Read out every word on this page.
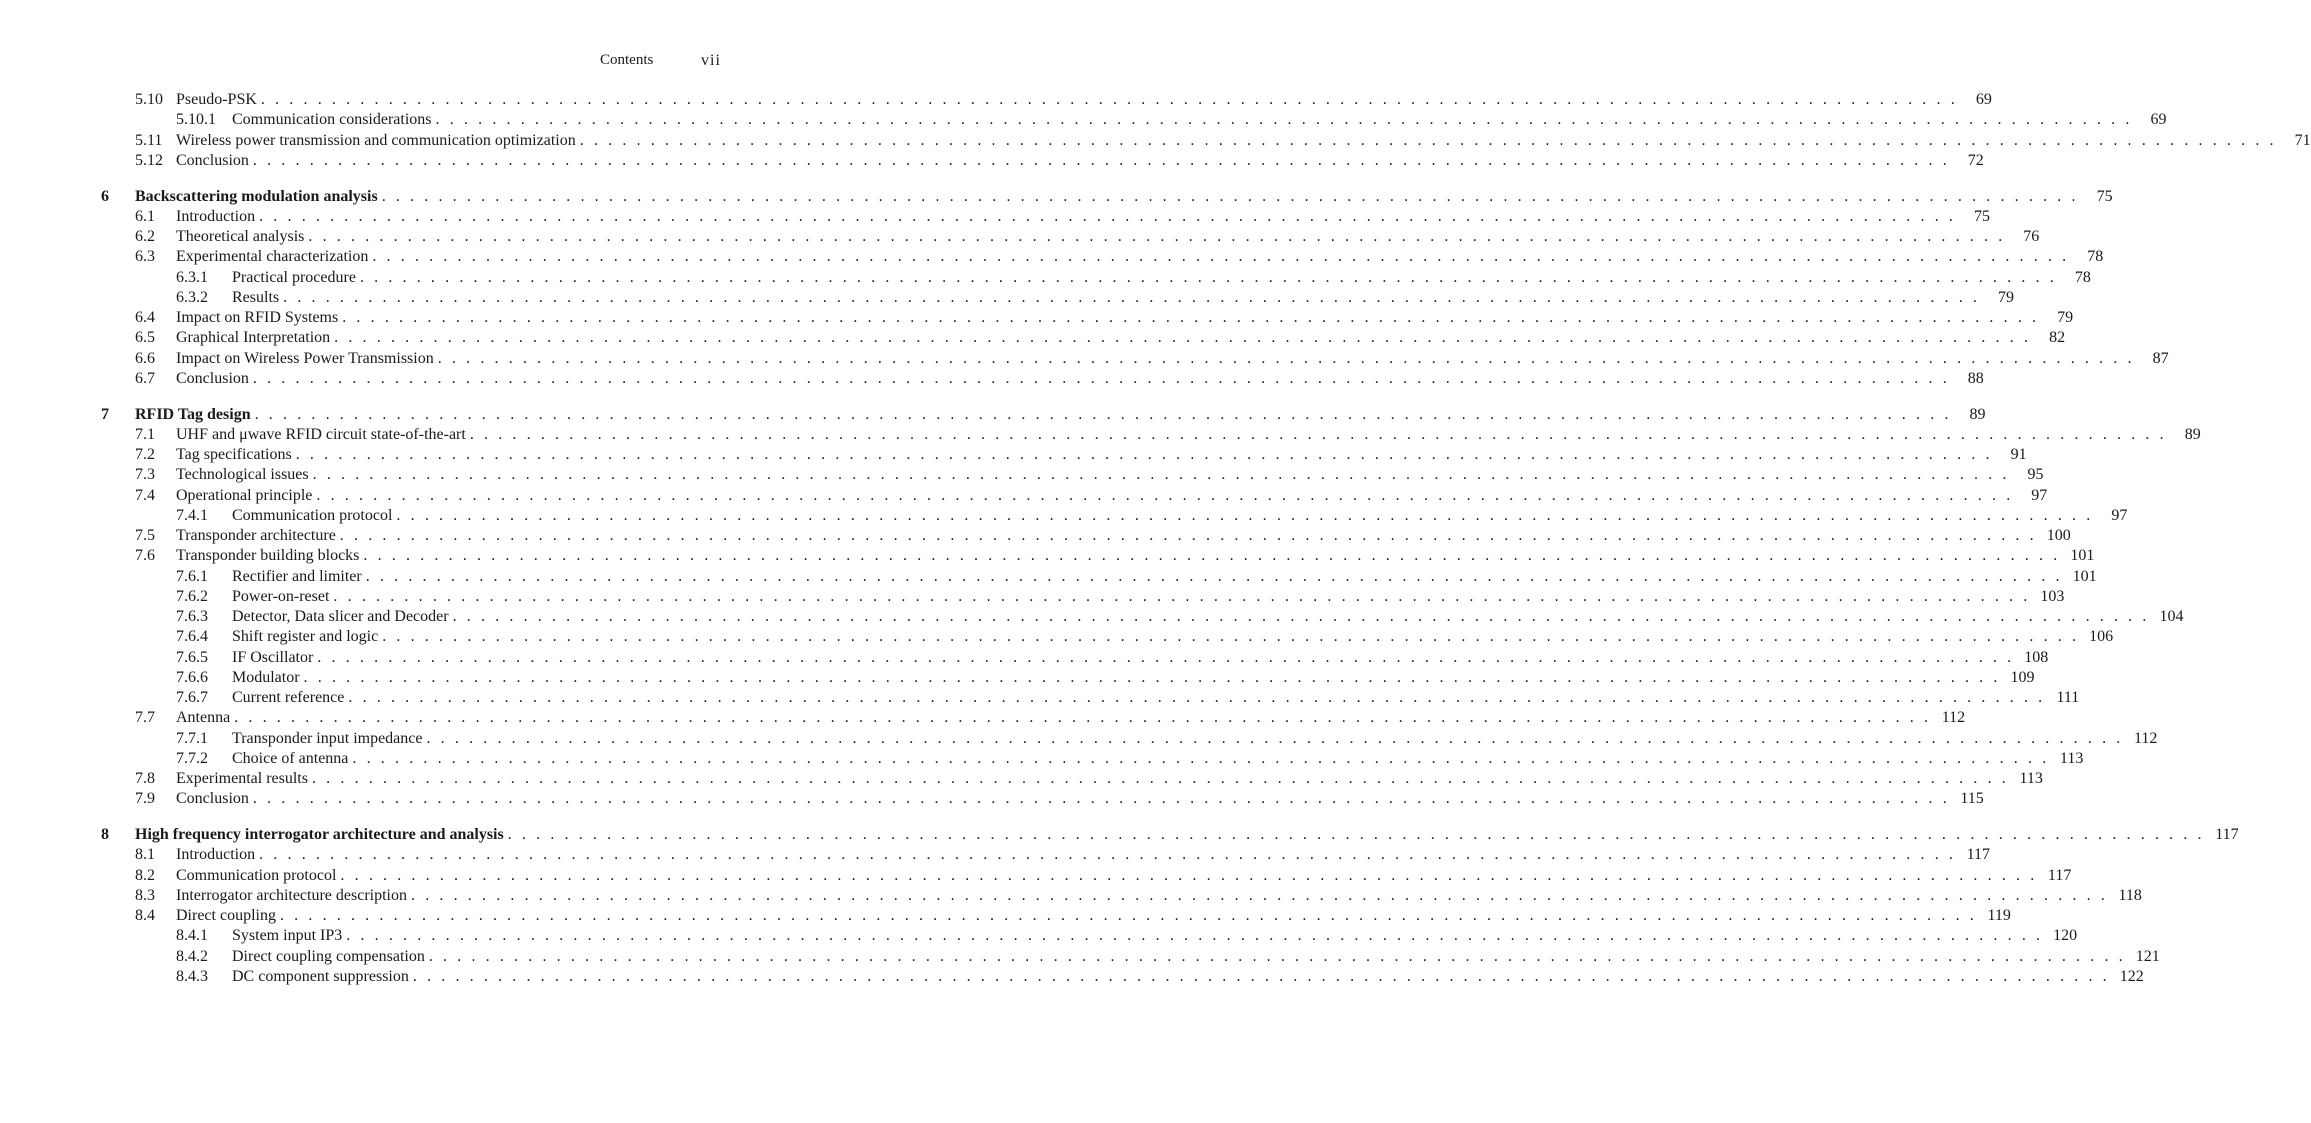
Contents	vii
5.10 Pseudo-PSK . . . . . . . . . . . . . . . . . . . . . . . . . . . . . . . . . . . . . . . . . . . . . . . . . . . . . . . . . . . . . . . . . . . . . . . . . . . . . . . . . . . . . . . . . . . . . . . . . . . . . . . . . . . . . . . . . . . . . . . .	69
5.10.1 Communication considerations . . . . . . . . . . . . . . . . . . . . . . . . . . . . . . . . . . . . . . . . . . . . . . . . . . . . . . . . . . . . . . . . . . . . . . . . . . . . . . . . . . . . . . . . . . . . . . . . . . . . . . . . . . . . . . . . . . . . . . . .	69
5.11 Wireless power transmission and communication optimization . . . . . . . . . . . . . . . . . . . . . . . . . . . . . . . . . . . . . . . . . . . . . . . . . . . . . . . . . . . . . . . . . . . . . . . . . . . . . . . . . . . . . . . . . . . . . . . . . . . . . . . . . . . . . . . . . . . . . . . .	71
5.12 Conclusion . . . . . . . . . . . . . . . . . . . . . . . . . . . . . . . . . . . . . . . . . . . . . . . . . . . . . . . . . . . . . . . . . . . . . . . . . . . . . . . . . . . . . . . . . . . . . . . . . . . . . . . . . . . . . . . . . . . . . . . .	72
6 Backscattering modulation analysis . . . . . . . . . . . . . . . . . . . . . . . . . . . . . . . . . . . . . . . . . . . . . . . . . . . . . . . . . . . . . . . . . . . . . . . . . . . . . . . . . . . . . . . . . . . . . . . . . . . . . . . . . . . . . . . . . . . . . . . .	75
6.1 Introduction . . . . . . . . . . . . . . . . . . . . . . . . . . . . . . . . . . . . . . . . . . . . . . . . . . . . . . . . . . . . . . . . . . . . . . . . . . . . . . . . . . . . . . . . . . . . . . . . . . . . . . . . . . . . . . . . . . . . . . . .	75
6.2 Theoretical analysis . . . . . . . . . . . . . . . . . . . . . . . . . . . . . . . . . . . . . . . . . . . . . . . . . . . . . . . . . . . . . . . . . . . . . . . . . . . . . . . . . . . . . . . . . . . . . . . . . . . . . . . . . . . . . . . . . . . . . . . .	76
6.3 Experimental characterization . . . . . . . . . . . . . . . . . . . . . . . . . . . . . . . . . . . . . . . . . . . . . . . . . . . . . . . . . . . . . . . . . . . . . . . . . . . . . . . . . . . . . . . . . . . . . . . . . . . . . . . . . . . . . . . . . . . . . . . .	78
6.3.1 Practical procedure . . . . . . . . . . . . . . . . . . . . . . . . . . . . . . . . . . . . . . . . . . . . . . . . . . . . . . . . . . . . . . . . . . . . . . . . . . . . . . . . . . . . . . . . . . . . . . . . . . . . . . . . . . . . . . . . . . . . . . . .	78
6.3.2 Results . . . . . . . . . . . . . . . . . . . . . . . . . . . . . . . . . . . . . . . . . . . . . . . . . . . . . . . . . . . . . . . . . . . . . . . . . . . . . . . . . . . . . . . . . . . . . . . . . . . . . . . . . . . . . . . . . . . . . . . .	79
6.4 Impact on RFID Systems . . . . . . . . . . . . . . . . . . . . . . . . . . . . . . . . . . . . . . . . . . . . . . . . . . . . . . . . . . . . . . . . . . . . . . . . . . . . . . . . . . . . . . . . . . . . . . . . . . . . . . . . . . . . . . . . . . . . . . . .	79
6.5 Graphical Interpretation . . . . . . . . . . . . . . . . . . . . . . . . . . . . . . . . . . . . . . . . . . . . . . . . . . . . . . . . . . . . . . . . . . . . . . . . . . . . . . . . . . . . . . . . . . . . . . . . . . . . . . . . . . . . . . . . . . . . . . . .	82
6.6 Impact on Wireless Power Transmission . . . . . . . . . . . . . . . . . . . . . . . . . . . . . . . . . . . . . . . . . . . . . . . . . . . . . . . . . . . . . . . . . . . . . . . . . . . . . . . . . . . . . . . . . . . . . . . . . . . . . . . . . . . . . . . . . . . . . . . .	87
6.7 Conclusion . . . . . . . . . . . . . . . . . . . . . . . . . . . . . . . . . . . . . . . . . . . . . . . . . . . . . . . . . . . . . . . . . . . . . . . . . . . . . . . . . . . . . . . . . . . . . . . . . . . . . . . . . . . . . . . . . . . . . . . .	88
7 RFID Tag design . . . . . . . . . . . . . . . . . . . . . . . . . . . . . . . . . . . . . . . . . . . . . . . . . . . . . . . . . . . . . . . . . . . . . . . . . . . . . . . . . . . . . . . . . . . . . . . . . . . . . . . . . . . . . . . . . . . . . . . .	89
7.1 UHF and μwave RFID circuit state-of-the-art . . . . . . . . . . . . . . . . . . . . . . . . . . . . . . . . . . . . . . . . . . . . . . . . . . . . . . . . . . . . . . . . . . . . . . . . . . . . . . . . . . . . . . . . . . . . . . . . . . . . . . . . . . . . . . . . . . . . . . . .	89
7.2 Tag specifications . . . . . . . . . . . . . . . . . . . . . . . . . . . . . . . . . . . . . . . . . . . . . . . . . . . . . . . . . . . . . . . . . . . . . . . . . . . . . . . . . . . . . . . . . . . . . . . . . . . . . . . . . . . . . . . . . . . . . . . .	91
7.3 Technological issues . . . . . . . . . . . . . . . . . . . . . . . . . . . . . . . . . . . . . . . . . . . . . . . . . . . . . . . . . . . . . . . . . . . . . . . . . . . . . . . . . . . . . . . . . . . . . . . . . . . . . . . . . . . . . . . . . . . . . . . .	95
7.4 Operational principle . . . . . . . . . . . . . . . . . . . . . . . . . . . . . . . . . . . . . . . . . . . . . . . . . . . . . . . . . . . . . . . . . . . . . . . . . . . . . . . . . . . . . . . . . . . . . . . . . . . . . . . . . . . . . . . . . . . . . . . .	97
7.4.1 Communication protocol . . . . . . . . . . . . . . . . . . . . . . . . . . . . . . . . . . . . . . . . . . . . . . . . . . . . . . . . . . . . . . . . . . . . . . . . . . . . . . . . . . . . . . . . . . . . . . . . . . . . . . . . . . . . . . . . . . . . . . . .	97
7.5 Transponder architecture . . . . . . . . . . . . . . . . . . . . . . . . . . . . . . . . . . . . . . . . . . . . . . . . . . . . . . . . . . . . . . . . . . . . . . . . . . . . . . . . . . . . . . . . . . . . . . . . . . . . . . . . . . . . . . . . . . . . . . . . 100
7.6 Transponder building blocks . . . . . . . . . . . . . . . . . . . . . . . . . . . . . . . . . . . . . . . . . . . . . . . . . . . . . . . . . . . . . . . . . . . . . . . . . . . . . . . . . . . . . . . . . . . . . . . . . . . . . . . . . . . . . . . . . . . . . . . . 101
7.6.1 Rectifier and limiter . . . . . . . . . . . . . . . . . . . . . . . . . . . . . . . . . . . . . . . . . . . . . . . . . . . . . . . . . . . . . . . . . . . . . . . . . . . . . . . . . . . . . . . . . . . . . . . . . . . . . . . . . . . . . . . . . . . . . . . . 101
7.6.2 Power-on-reset . . . . . . . . . . . . . . . . . . . . . . . . . . . . . . . . . . . . . . . . . . . . . . . . . . . . . . . . . . . . . . . . . . . . . . . . . . . . . . . . . . . . . . . . . . . . . . . . . . . . . . . . . . . . . . . . . . . . . . . . 103
7.6.3 Detector, Data slicer and Decoder . . . . . . . . . . . . . . . . . . . . . . . . . . . . . . . . . . . . . . . . . . . . . . . . . . . . . . . . . . . . . . . . . . . . . . . . . . . . . . . . . . . . . . . . . . . . . . . . . . . . . . . . . . . . . . . . . . . . . . . . 104
7.6.4 Shift register and logic . . . . . . . . . . . . . . . . . . . . . . . . . . . . . . . . . . . . . . . . . . . . . . . . . . . . . . . . . . . . . . . . . . . . . . . . . . . . . . . . . . . . . . . . . . . . . . . . . . . . . . . . . . . . . . . . . . . . . . . . 106
7.6.5 IF Oscillator . . . . . . . . . . . . . . . . . . . . . . . . . . . . . . . . . . . . . . . . . . . . . . . . . . . . . . . . . . . . . . . . . . . . . . . . . . . . . . . . . . . . . . . . . . . . . . . . . . . . . . . . . . . . . . . . . . . . . . . . 108
7.6.6 Modulator . . . . . . . . . . . . . . . . . . . . . . . . . . . . . . . . . . . . . . . . . . . . . . . . . . . . . . . . . . . . . . . . . . . . . . . . . . . . . . . . . . . . . . . . . . . . . . . . . . . . . . . . . . . . . . . . . . . . . . . . 109
7.6.7 Current reference . . . . . . . . . . . . . . . . . . . . . . . . . . . . . . . . . . . . . . . . . . . . . . . . . . . . . . . . . . . . . . . . . . . . . . . . . . . . . . . . . . . . . . . . . . . . . . . . . . . . . . . . . . . . . . . . . . . . . . . . 111
7.7 Antenna . . . . . . . . . . . . . . . . . . . . . . . . . . . . . . . . . . . . . . . . . . . . . . . . . . . . . . . . . . . . . . . . . . . . . . . . . . . . . . . . . . . . . . . . . . . . . . . . . . . . . . . . . . . . . . . . . . . . . . . . 112
7.7.1 Transponder input impedance . . . . . . . . . . . . . . . . . . . . . . . . . . . . . . . . . . . . . . . . . . . . . . . . . . . . . . . . . . . . . . . . . . . . . . . . . . . . . . . . . . . . . . . . . . . . . . . . . . . . . . . . . . . . . . . . . . . . . . . . 112
7.7.2 Choice of antenna . . . . . . . . . . . . . . . . . . . . . . . . . . . . . . . . . . . . . . . . . . . . . . . . . . . . . . . . . . . . . . . . . . . . . . . . . . . . . . . . . . . . . . . . . . . . . . . . . . . . . . . . . . . . . . . . . . . . . . . . 113
7.8 Experimental results . . . . . . . . . . . . . . . . . . . . . . . . . . . . . . . . . . . . . . . . . . . . . . . . . . . . . . . . . . . . . . . . . . . . . . . . . . . . . . . . . . . . . . . . . . . . . . . . . . . . . . . . . . . . . . . . . . . . . . . . 113
7.9 Conclusion . . . . . . . . . . . . . . . . . . . . . . . . . . . . . . . . . . . . . . . . . . . . . . . . . . . . . . . . . . . . . . . . . . . . . . . . . . . . . . . . . . . . . . . . . . . . . . . . . . . . . . . . . . . . . . . . . . . . . . . . 115
8 High frequency interrogator architecture and analysis . . . . . . . . . . . . . . . . . . . . . . . . . . . . . . . . . . . . . . . . . . . . . . . . . . . . . . . . . . . . . . . . . . . . . . . . . . . . . . . . . . . . . . . . . . . . . . . . . . . . . . . . . . . . . . . . . . . . . . . . 117
8.1 Introduction . . . . . . . . . . . . . . . . . . . . . . . . . . . . . . . . . . . . . . . . . . . . . . . . . . . . . . . . . . . . . . . . . . . . . . . . . . . . . . . . . . . . . . . . . . . . . . . . . . . . . . . . . . . . . . . . . . . . . . . . 117
8.2 Communication protocol . . . . . . . . . . . . . . . . . . . . . . . . . . . . . . . . . . . . . . . . . . . . . . . . . . . . . . . . . . . . . . . . . . . . . . . . . . . . . . . . . . . . . . . . . . . . . . . . . . . . . . . . . . . . . . . . . . . . . . . . 117
8.3 Interrogator architecture description . . . . . . . . . . . . . . . . . . . . . . . . . . . . . . . . . . . . . . . . . . . . . . . . . . . . . . . . . . . . . . . . . . . . . . . . . . . . . . . . . . . . . . . . . . . . . . . . . . . . . . . . . . . . . . . . . . . . . . . . 118
8.4 Direct coupling . . . . . . . . . . . . . . . . . . . . . . . . . . . . . . . . . . . . . . . . . . . . . . . . . . . . . . . . . . . . . . . . . . . . . . . . . . . . . . . . . . . . . . . . . . . . . . . . . . . . . . . . . . . . . . . . . . . . . . . . 119
8.4.1 System input IP3 . . . . . . . . . . . . . . . . . . . . . . . . . . . . . . . . . . . . . . . . . . . . . . . . . . . . . . . . . . . . . . . . . . . . . . . . . . . . . . . . . . . . . . . . . . . . . . . . . . . . . . . . . . . . . . . . . . . . . . . . 120
8.4.2 Direct coupling compensation . . . . . . . . . . . . . . . . . . . . . . . . . . . . . . . . . . . . . . . . . . . . . . . . . . . . . . . . . . . . . . . . . . . . . . . . . . . . . . . . . . . . . . . . . . . . . . . . . . . . . . . . . . . . . . . . . . . . . . . . 121
8.4.3 DC component suppression . . . . . . . . . . . . . . . . . . . . . . . . . . . . . . . . . . . . . . . . . . . . . . . . . . . . . . . . . . . . . . . . . . . . . . . . . . . . . . . . . . . . . . . . . . . . . . . . . . . . . . . . . . . . . . . . . . . . . . . . 122
